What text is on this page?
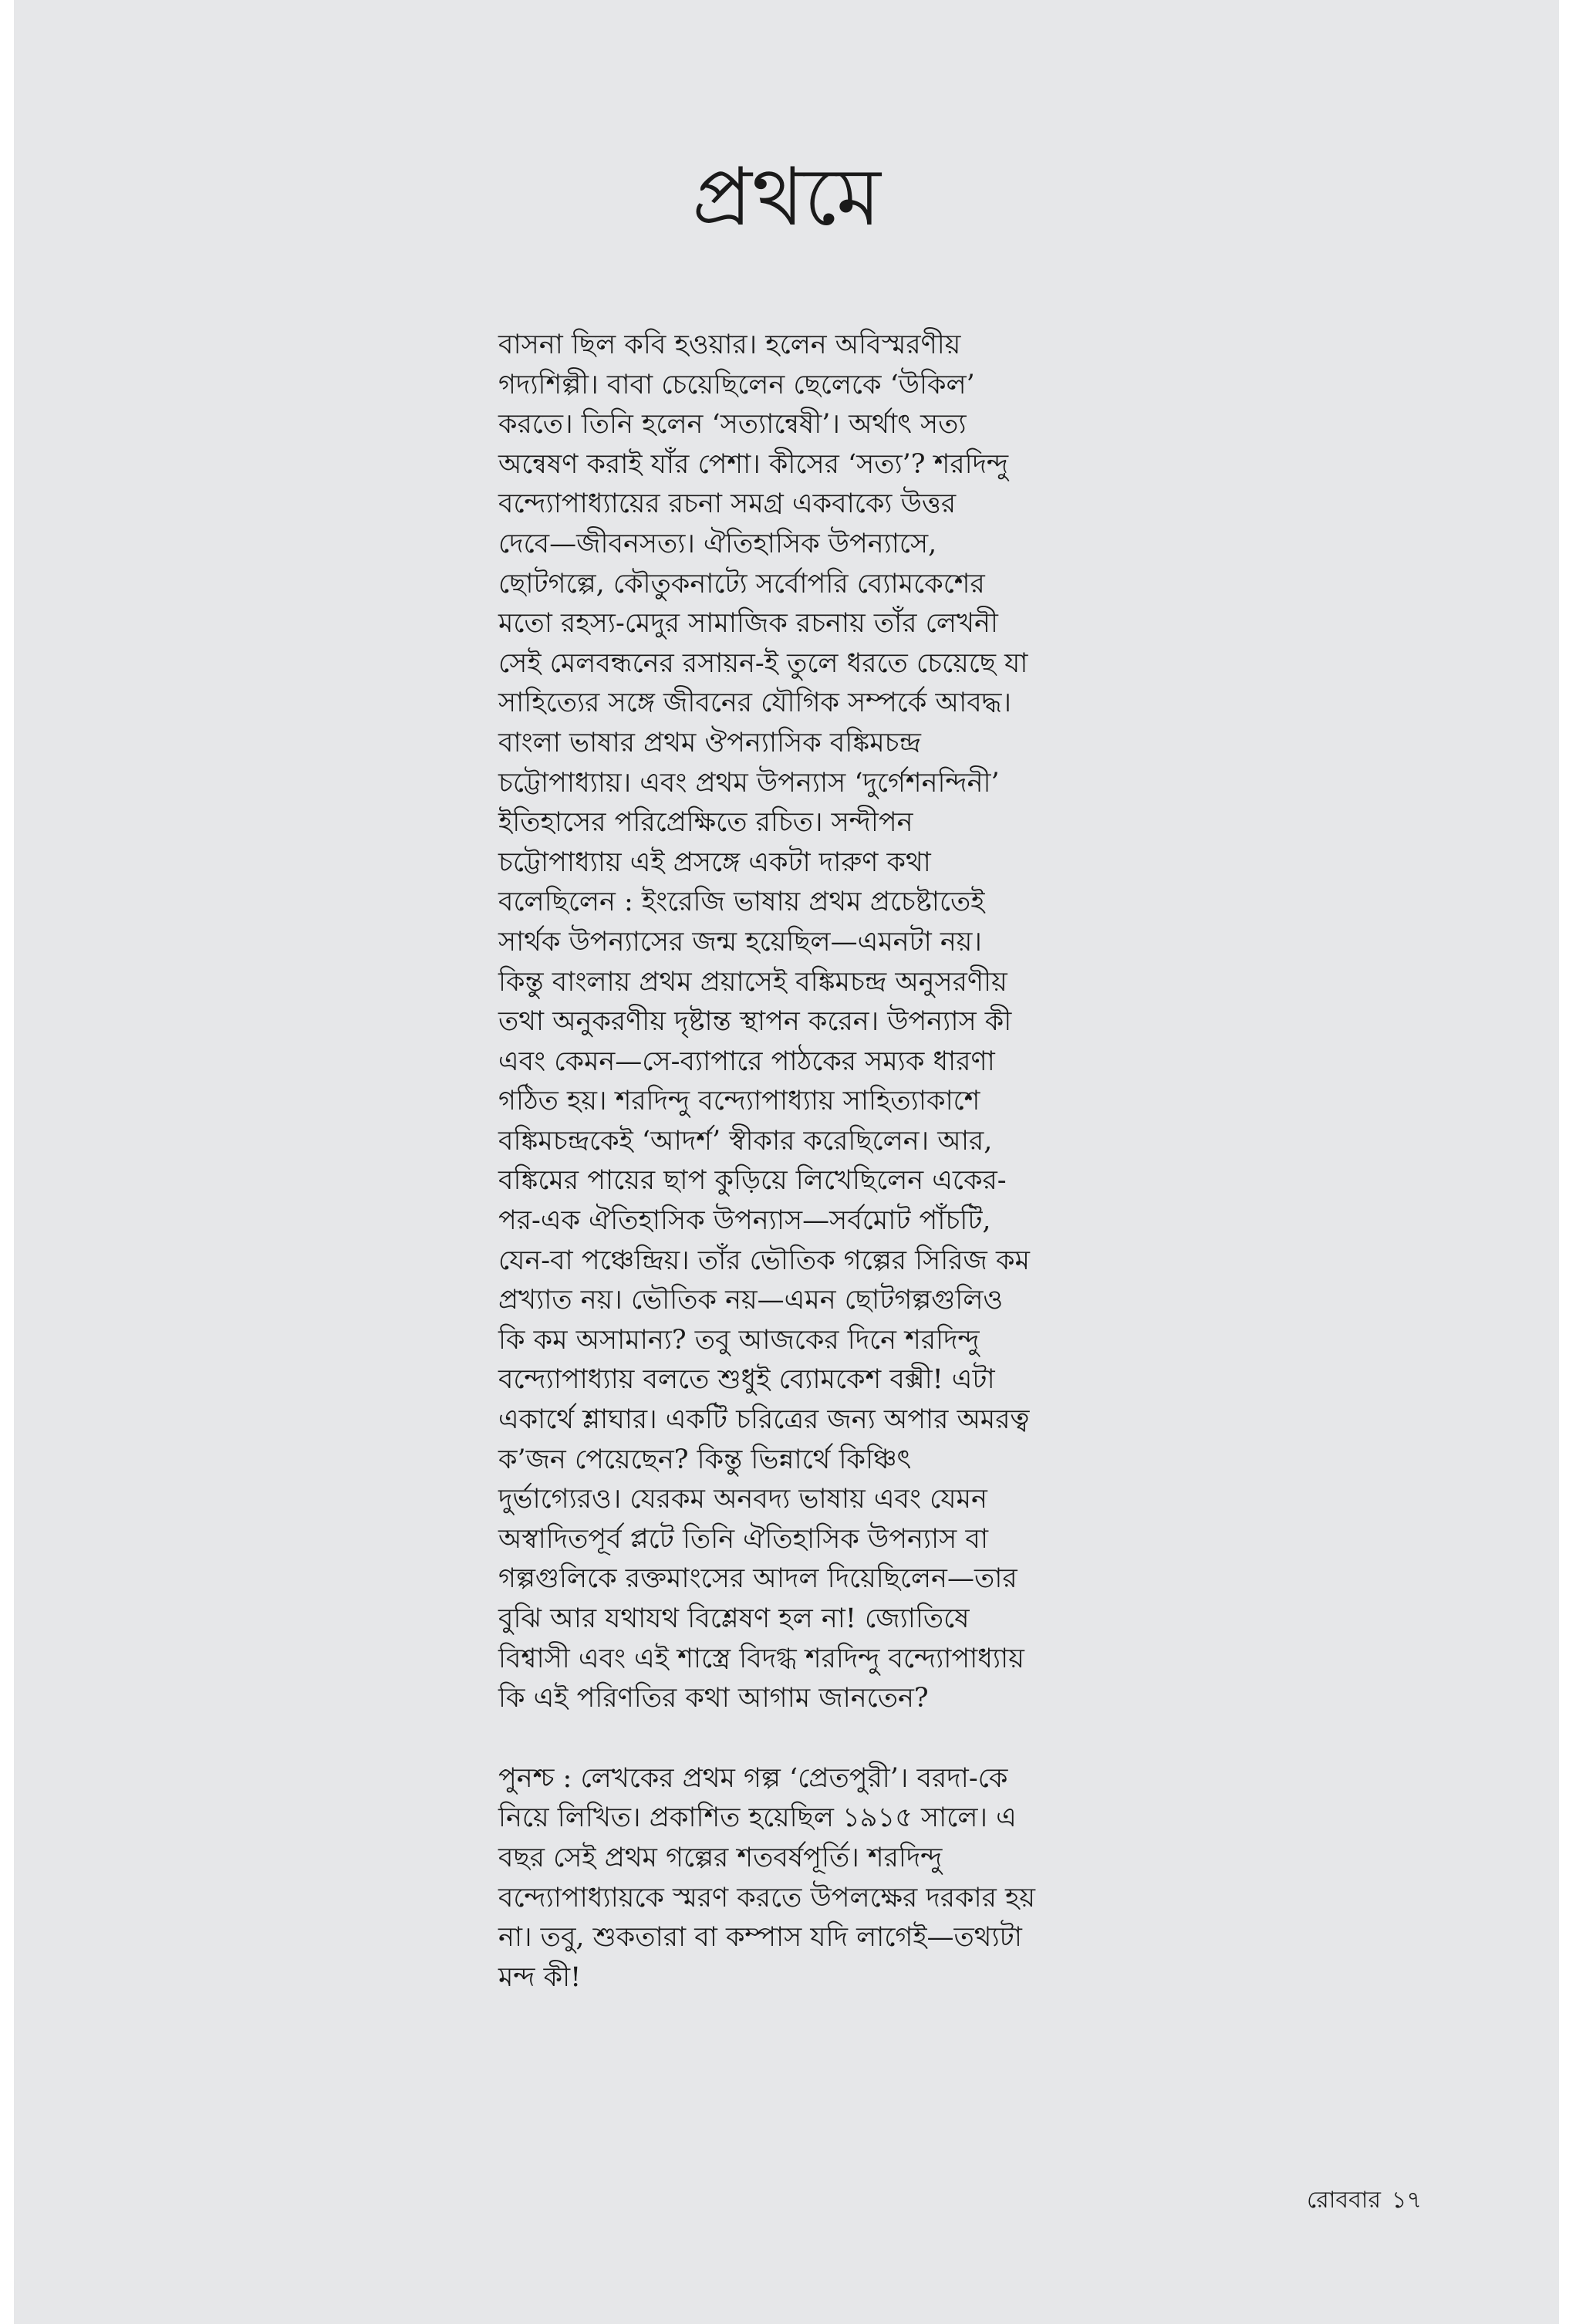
প্রথমে
বাসনা ছিল কবি হওয়ার। হলেন অবিস্মরণীয়
গদ্যশিল্পী। বাবা চেয়েছিলেন ছেলেকে ‘উকিল’
করতে। তিনি হলেন ‘সত্যান্বেষী’। অর্থাৎ সত্য
অন্বেষণ করাই যাঁর পেশা। কীসের ‘সত্য’? শরদিন্দু
বন্দ্যোপাধ্যায়ের রচনা সমগ্র একবাক্যে উত্তর
দেবে—জীবনসত্য। ঐতিহাসিক উপন্যাসে,
ছোটগল্পে, কৌতুকনাট্যে সর্বোপরি ব্যোমকেশের
মতো রহস্য-মেদুর সামাজিক রচনায় তাঁর লেখনী
সেই মেলবন্ধনের রসায়ন-ই তুলে ধরতে চেয়েছে যা
সাহিত্যের সঙ্গে জীবনের যৌগিক সম্পর্কে আবদ্ধ।
বাংলা ভাষার প্রথম ঔপন্যাসিক বঙ্কিমচন্দ্র
চট্টোপাধ্যায়। এবং প্রথম উপন্যাস ‘দুর্গেশনন্দিনী’
ইতিহাসের পরিপ্রেক্ষিতে রচিত। সন্দীপন
চট্টোপাধ্যায় এই প্রসঙ্গে একটা দারুণ কথা
বলেছিলেন : ইংরেজি ভাষায় প্রথম প্রচেষ্টাতেই
সার্থক উপন্যাসের জন্ম হয়েছিল—এমনটা নয়।
কিন্তু বাংলায় প্রথম প্রয়াসেই বঙ্কিমচন্দ্র অনুসরণীয়
তথা অনুকরণীয় দৃষ্টান্ত স্থাপন করেন। উপন্যাস কী
এবং কেমন—সে-ব্যাপারে পাঠকের সম্যক ধারণা
গঠিত হয়। শরদিন্দু বন্দ্যোপাধ্যায় সাহিত্যাকাশে
বঙ্কিমচন্দ্রকেই ‘আদর্শ’ স্বীকার করেছিলেন। আর,
বঙ্কিমের পায়ের ছাপ কুড়িয়ে লিখেছিলেন একের-
পর-এক ঐতিহাসিক উপন্যাস—সর্বমোট পাঁচটি,
যেন-বা পঞ্চেন্দ্রিয়। তাঁর ভৌতিক গল্পের সিরিজ কম
প্রখ্যাত নয়। ভৌতিক নয়—এমন ছোটগল্পগুলিও
কি কম অসামান্য? তবু আজকের দিনে শরদিন্দু
বন্দ্যোপাধ্যায় বলতে শুধুই ব্যোমকেশ বক্সী! এটা
একার্থে শ্লাঘার। একটি চরিত্রের জন্য অপার অমরত্ব
ক’জন পেয়েছেন? কিন্তু ভিন্নার্থে কিঞ্চিৎ
দুর্ভাগ্যেরও। যেরকম অনবদ্য ভাষায় এবং যেমন
অস্বাদিতপূর্ব প্লটে তিনি ঐতিহাসিক উপন্যাস বা
গল্পগুলিকে রক্তমাংসের আদল দিয়েছিলেন—তার
বুঝি আর যথাযথ বিশ্লেষণ হল না! জ্যোতিষে
বিশ্বাসী এবং এই শাস্ত্রে বিদগ্ধ শরদিন্দু বন্দ্যোপাধ্যায়
কি এই পরিণতির কথা আগাম জানতেন?
পুনশ্চ : লেখকের প্রথম গল্প ‘প্রেতপুরী’। বরদা-কে
নিয়ে লিখিত। প্রকাশিত হয়েছিল ১৯১৫ সালে। এ
বছর সেই প্রথম গল্পের শতবর্ষপূর্তি। শরদিন্দু
বন্দ্যোপাধ্যায়কে স্মরণ করতে উপলক্ষের দরকার হয়
না। তবু, শুকতারা বা কম্পাস যদি লাগেই—তথ্যটা
মন্দ কী!
রোববার ১৭
